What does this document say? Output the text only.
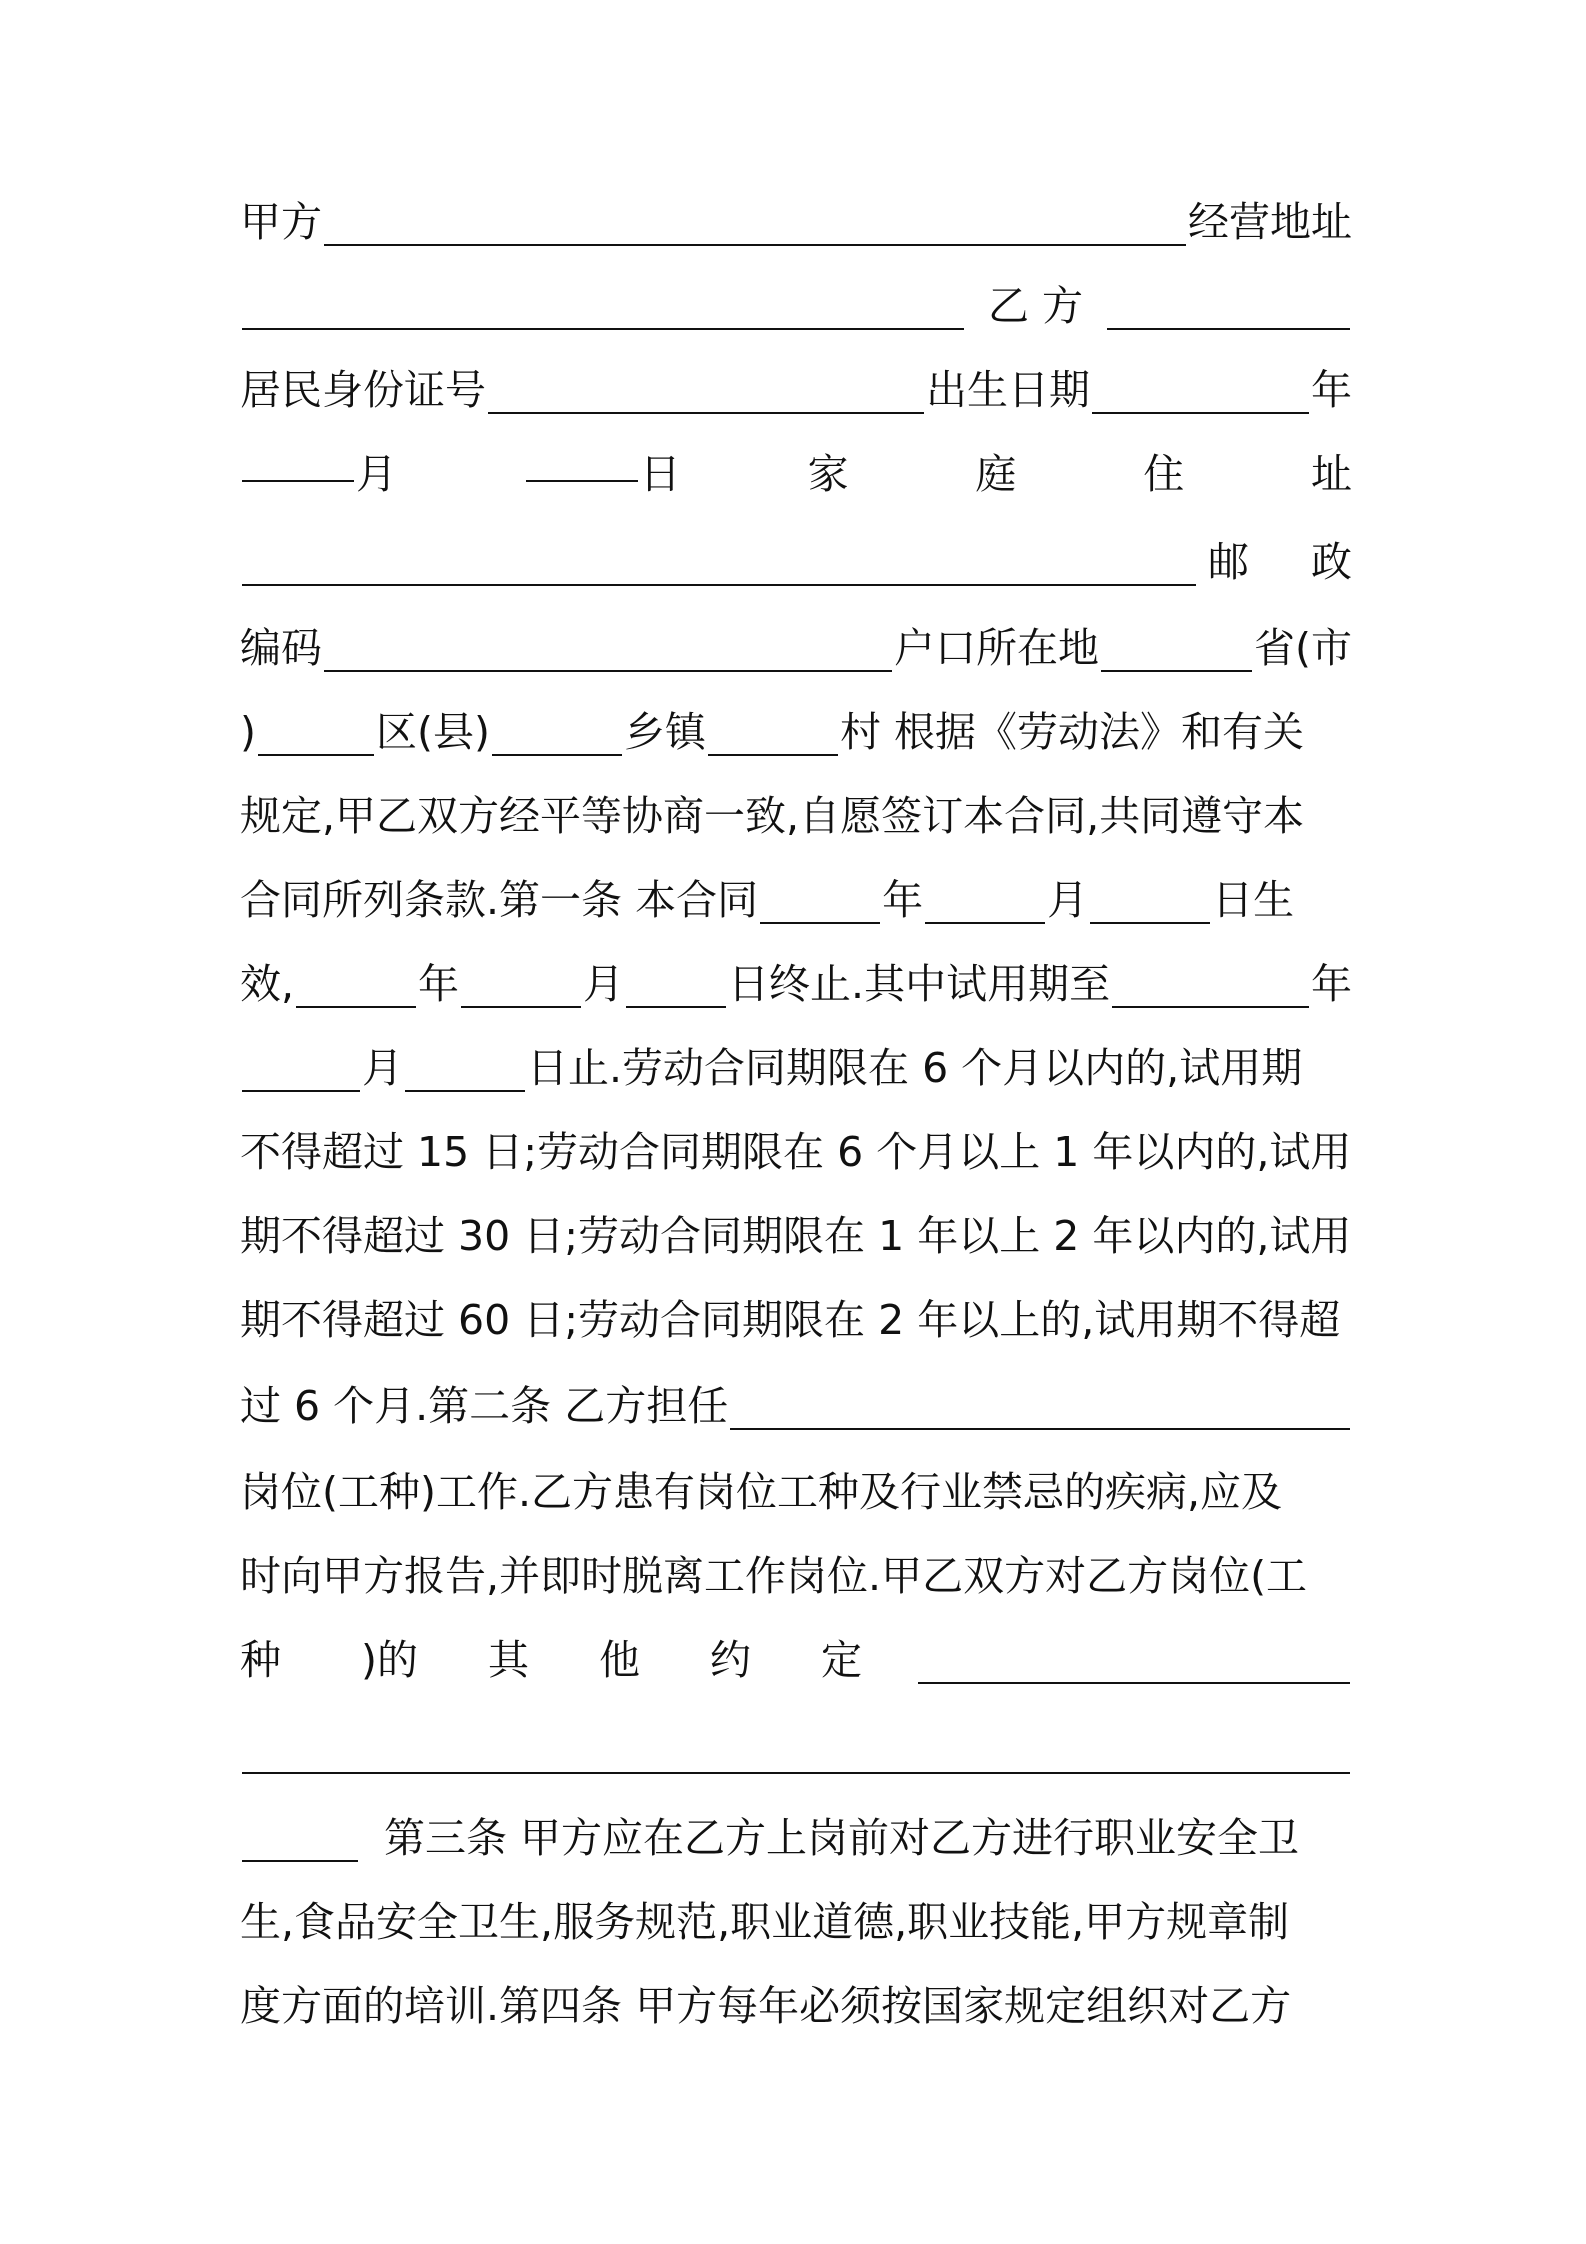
甲方	经营地址
乙 方
居民身份证号	出生日期	年
月	日	家	庭	住	址
邮 政
编码	户口所在地	省(市
)	区(县)	乡镇	村 根据《劳动法》和有关
规定,甲乙双方经平等协商一致,自愿签订本合同,共同遵守本
合同所列条款.第一条 本合同	年	月	日生
效,	年	月	日终止.其中试用期至	年
月	日止.劳动合同期限在 6 个月以内的,试用期
不得超过 15 日;劳动合同期限在 6 个月以上 1 年以内的,试用
期不得超过 30 日;劳动合同期限在 1 年以上 2 年以内的,试用
期不得超过 60 日;劳动合同期限在 2 年以上的,试用期不得超
过 6 个月.第二条 乙方担任
岗位(工种)工作.乙方患有岗位工种及行业禁忌的疾病,应及
时向甲方报告,并即时脱离工作岗位.甲乙双方对乙方岗位(工
种 )的 其 他 约 定
第三条 甲方应在乙方上岗前对乙方进行职业安全卫
生,食品安全卫生,服务规范,职业道德,职业技能,甲方规章制
度方面的培训.第四条 甲方每年必须按国家规定组织对乙方
